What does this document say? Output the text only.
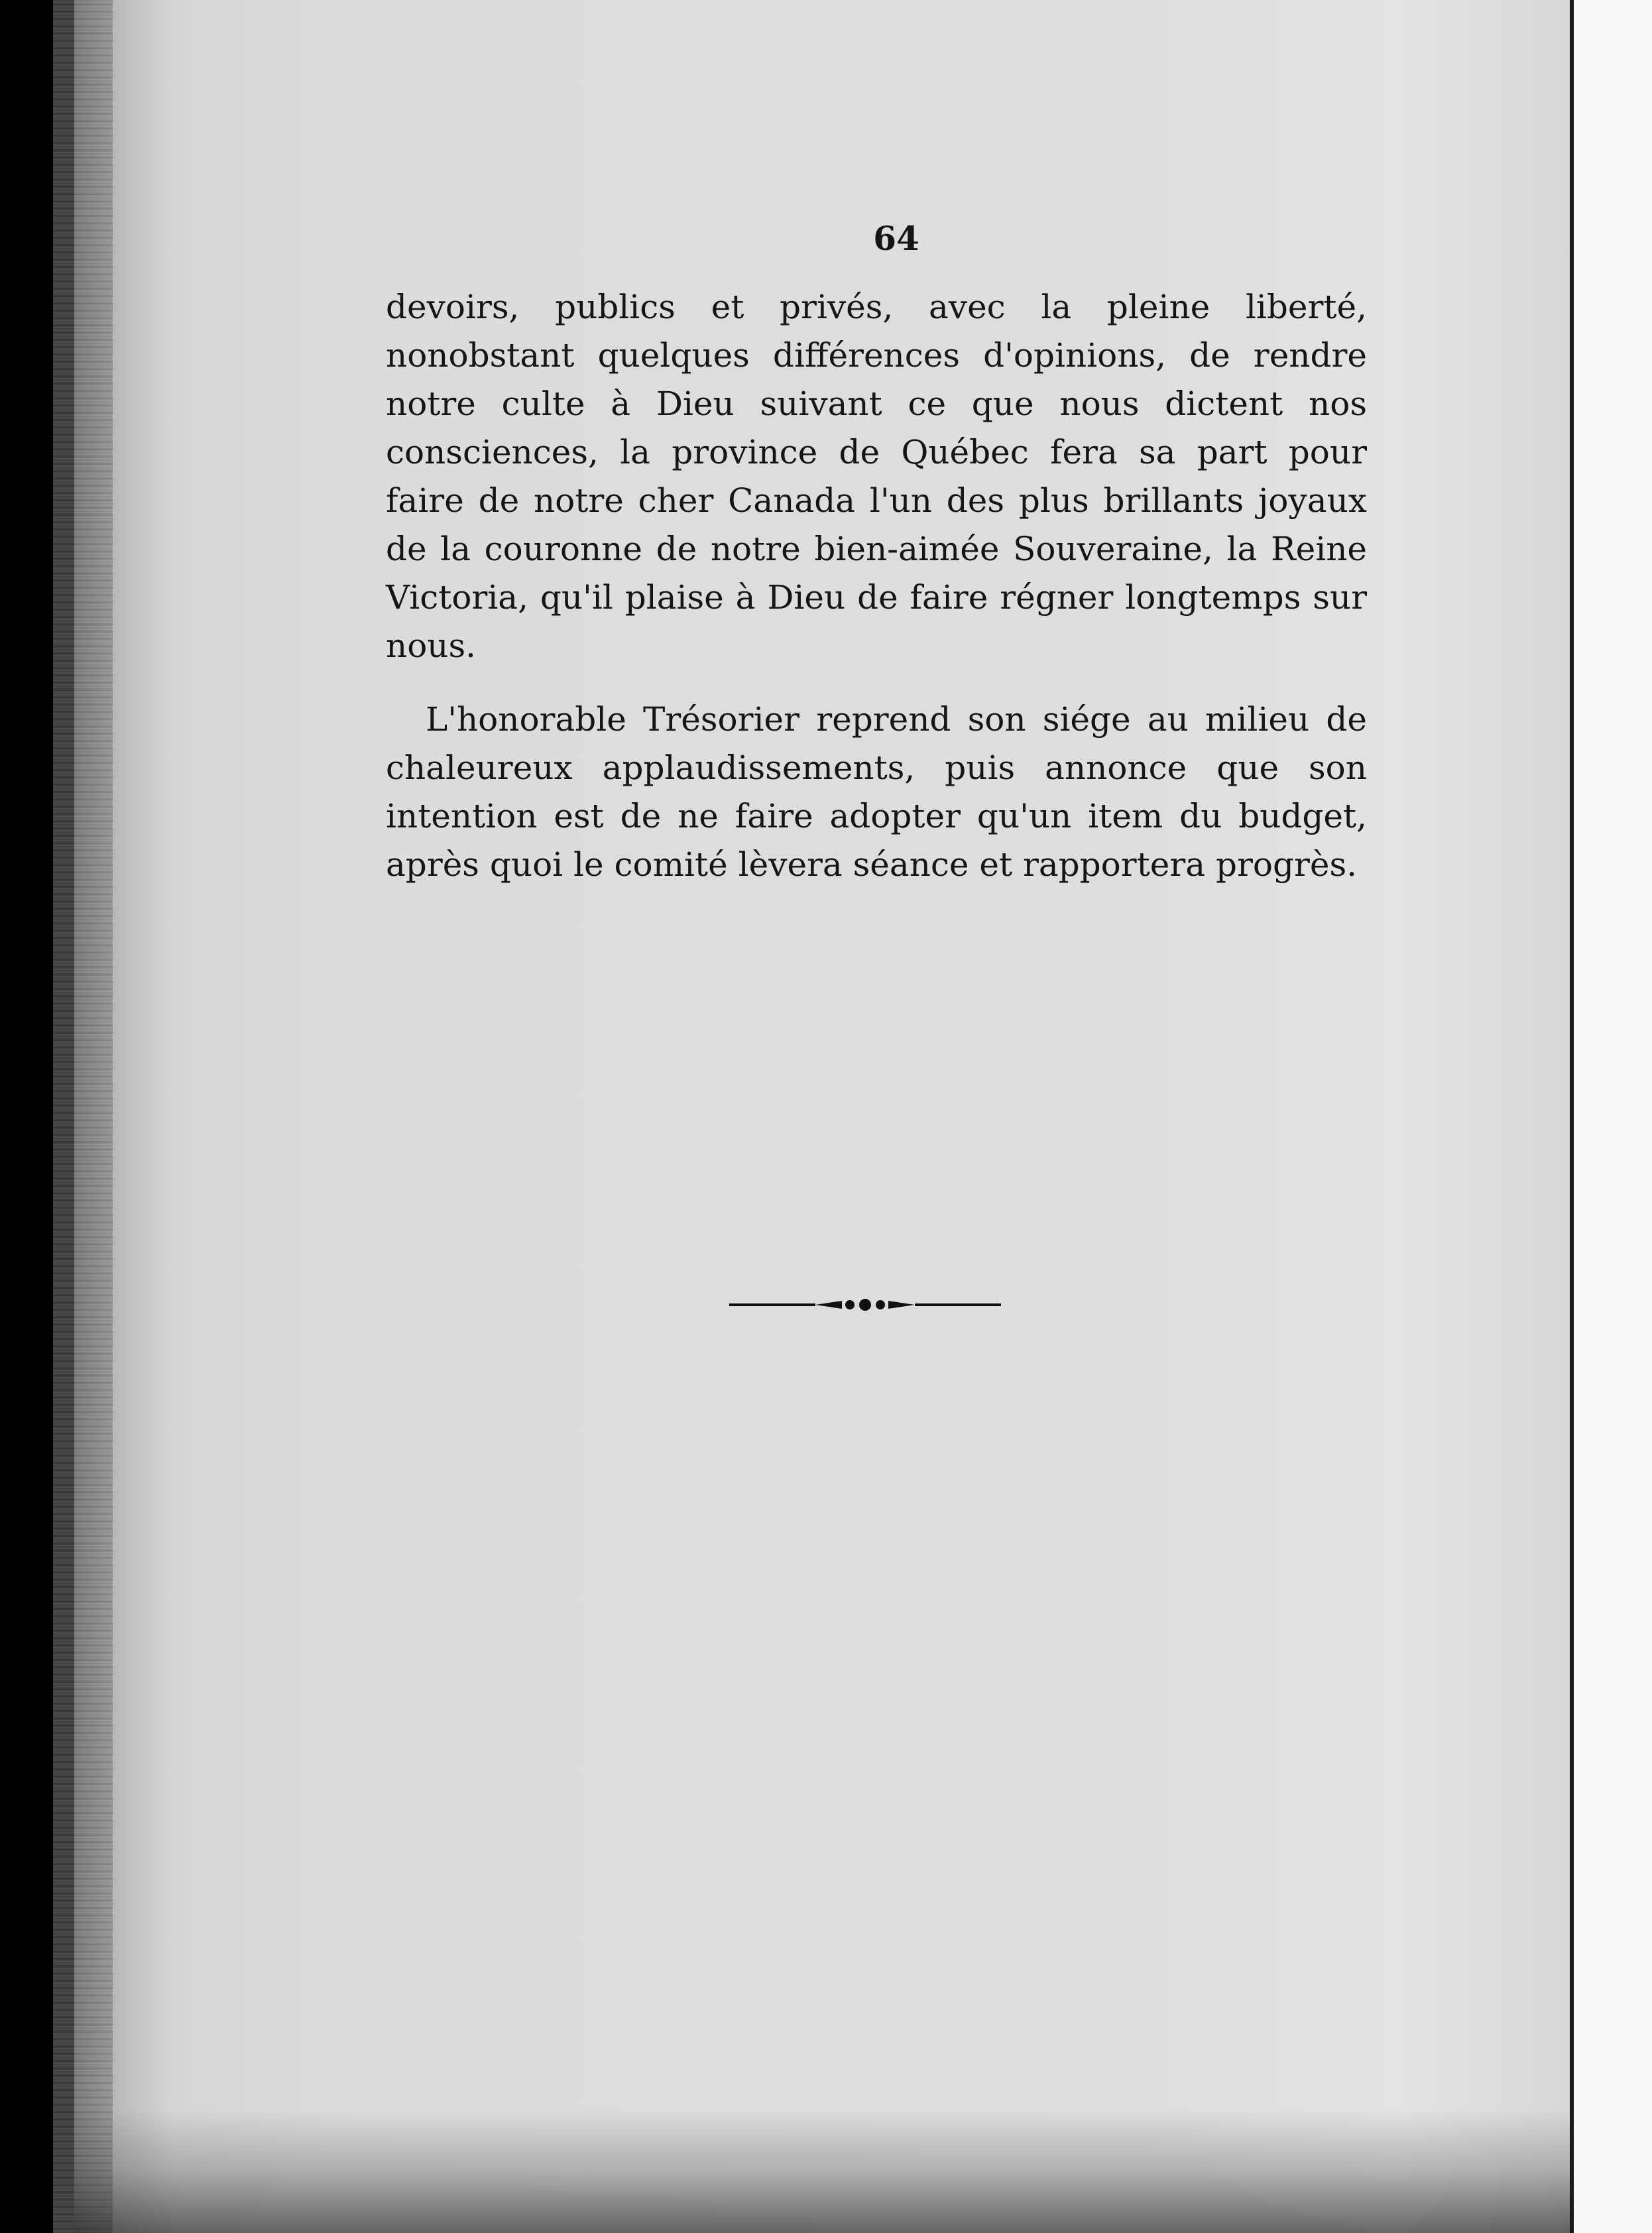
64

devoirs, publics et privés, avec la pleine liberté, nonobstant quelques différences d'opinions, de rendre notre culte à Dieu suivant ce que nous dictent nos consciences, la province de Québec fera sa part pour faire de notre cher Canada l'un des plus brillants joyaux de la couronne de notre bien-aimée Souveraine, la Reine Victoria, qu'il plaise à Dieu de faire régner longtemps sur nous.

L'honorable Trésorier reprend son siége au milieu de chaleureux applaudissements, puis annonce que son intention est de ne faire adopter qu'un item du budget, après quoi le comité lèvera séance et rapportera progrès.
